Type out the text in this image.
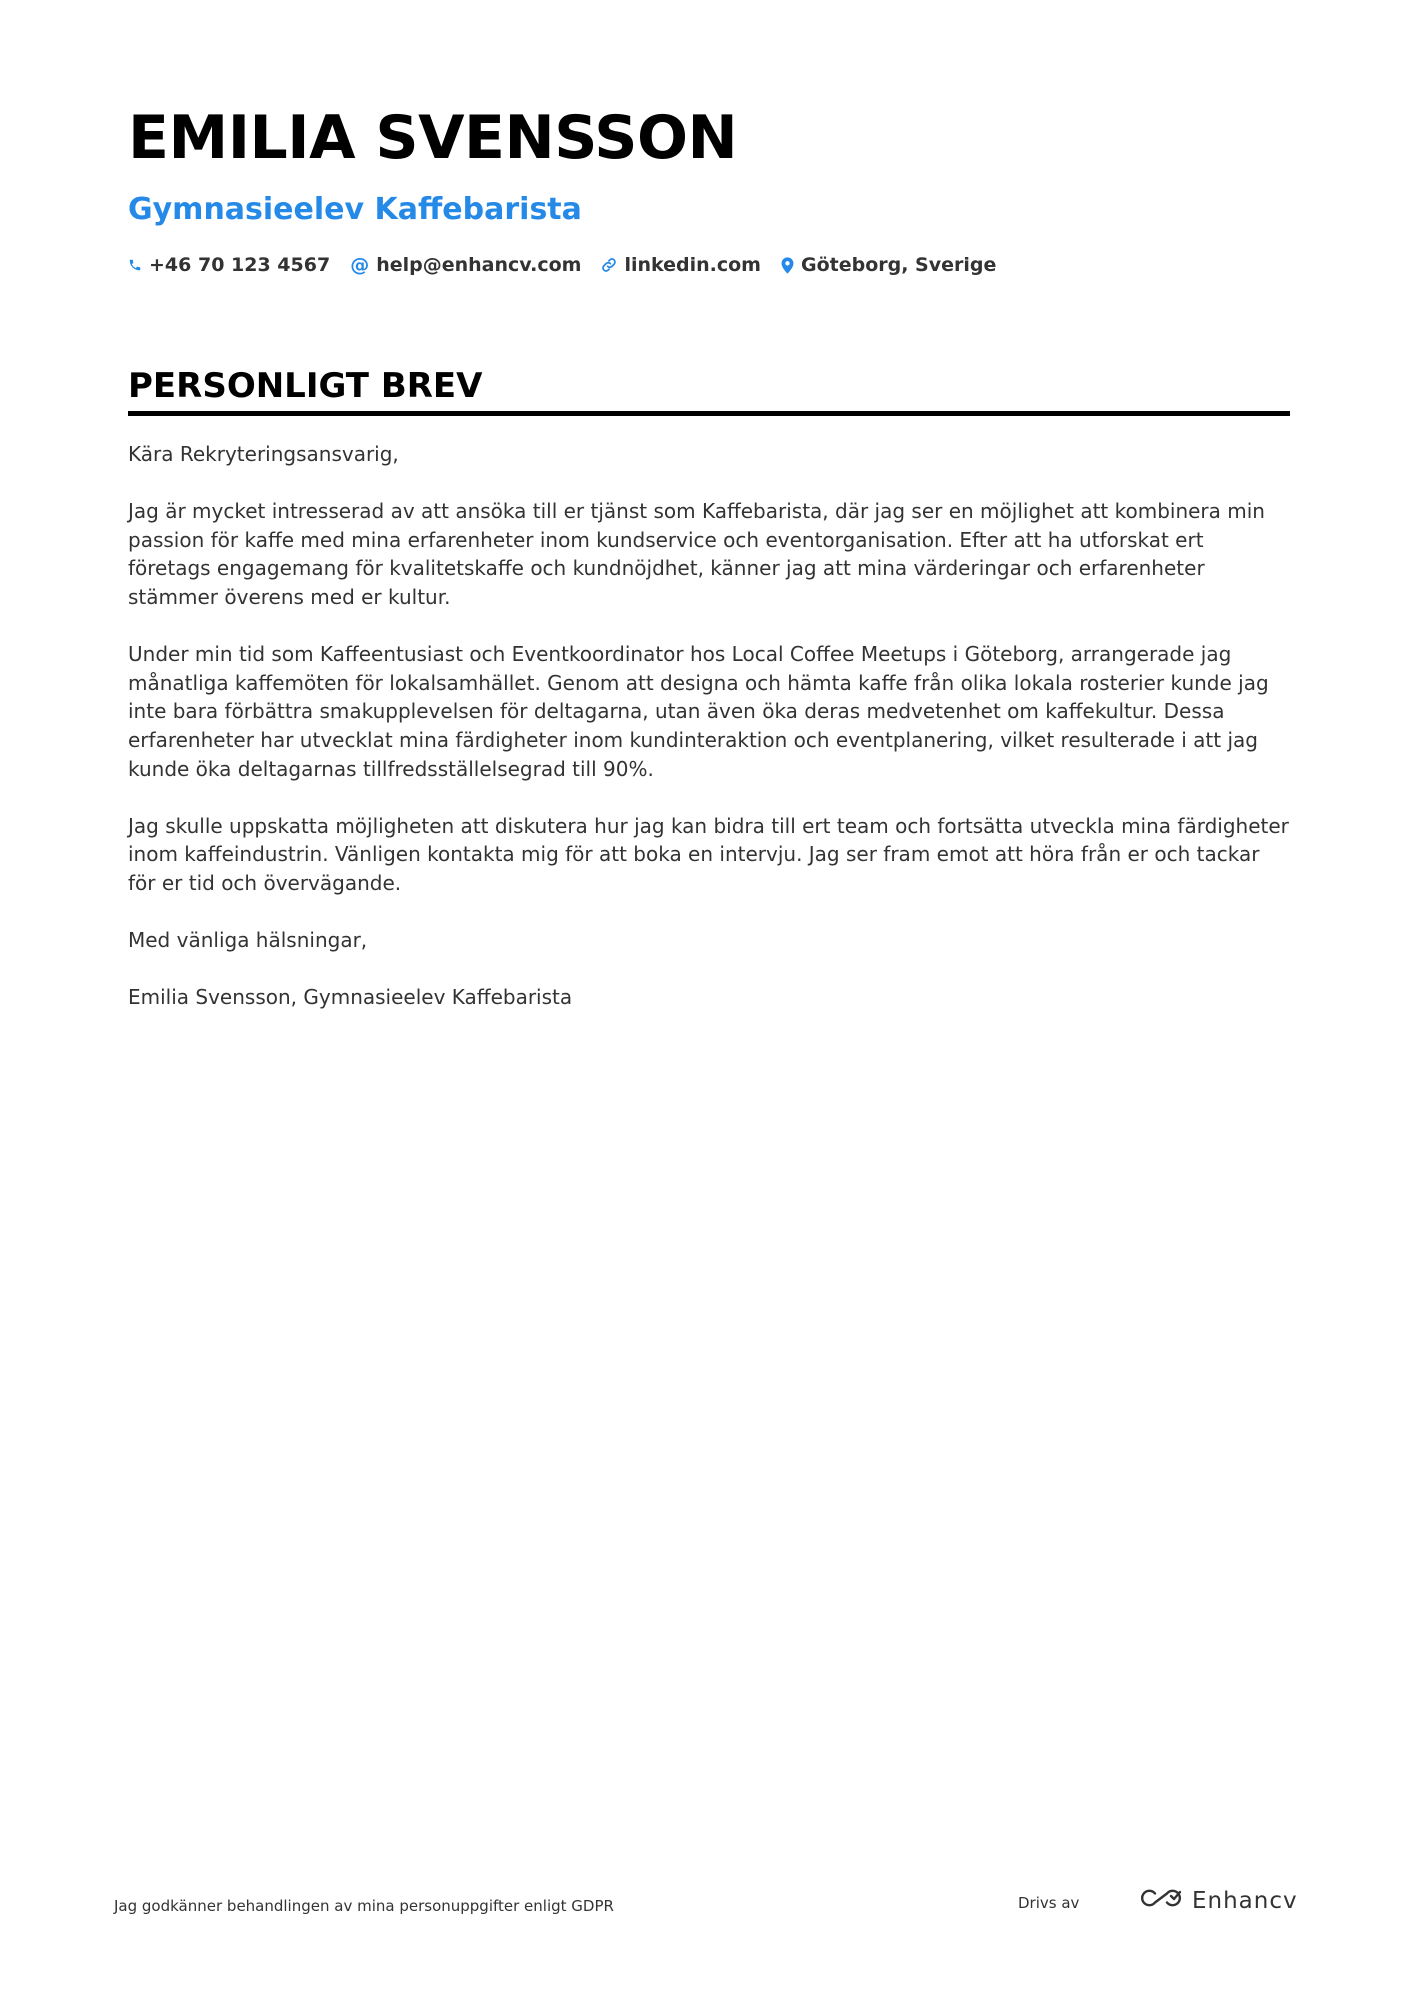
EMILIA SVENSSON
Gymnasieelev Kaffebarista
+46 70 123 4567 @ help@enhancv.com linkedin.com Göteborg, Sverige
PERSONLIGT BREV

Kära Rekryteringsansvarig,

Jag är mycket intresserad av att ansöka till er tjänst som Kaffebarista, där jag ser en möjlighet att kombinera min passion för kaffe med mina erfarenheter inom kundservice och eventorganisation. Efter att ha utforskat ert företags engagemang för kvalitetskaffe och kundnöjdhet, känner jag att mina värderingar och erfarenheter stämmer överens med er kultur.

Under min tid som Kaffeentusiast och Eventkoordinator hos Local Coffee Meetups i Göteborg, arrangerade jag månatliga kaffemöten för lokalsamhället. Genom att designa och hämta kaffe från olika lokala rosterier kunde jag inte bara förbättra smakupplevelsen för deltagarna, utan även öka deras medvetenhet om kaffekultur. Dessa erfarenheter har utvecklat mina färdigheter inom kundinteraktion och eventplanering, vilket resulterade i att jag kunde öka deltagarnas tillfredsställelsegrad till 90%.

Jag skulle uppskatta möjligheten att diskutera hur jag kan bidra till ert team och fortsätta utveckla mina färdigheter inom kaffeindustrin. Vänligen kontakta mig för att boka en intervju. Jag ser fram emot att höra från er och tackar för er tid och övervägande.

Med vänliga hälsningar,

Emilia Svensson, Gymnasieelev Kaffebarista

Jag godkänner behandlingen av mina personuppgifter enligt GDPR	Drivs av	Enhancv
